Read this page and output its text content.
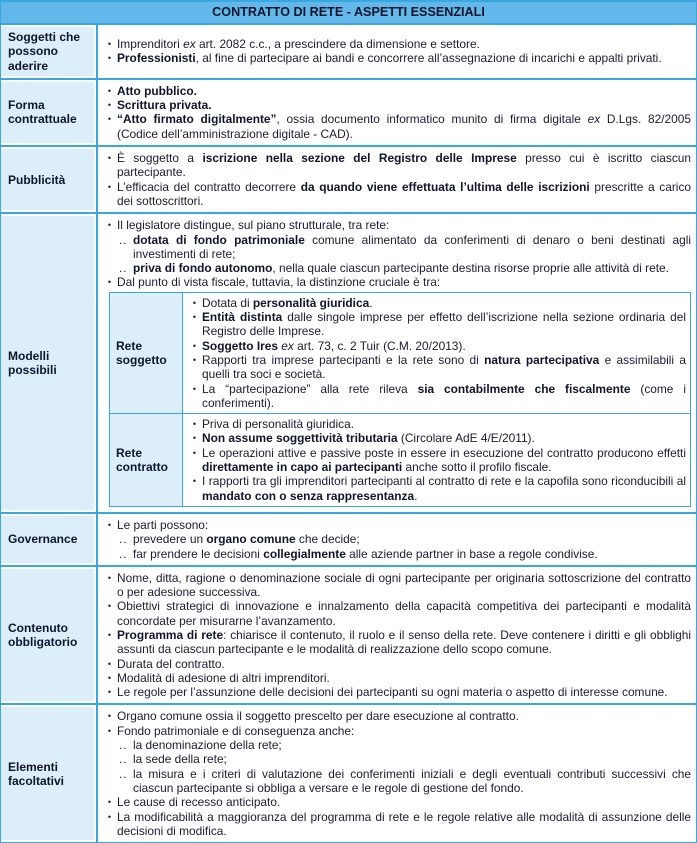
CONTRATTO DI RETE - ASPETTI ESSENZIALI
Soggetti che possono aderire
• Imprenditori ex art. 2082 c.c., a prescindere da dimensione e settore.
• Professionisti, al fine di partecipare ai bandi e concorrere all’assegnazione di incarichi e appalti privati.
Forma contrattuale
• Atto pubblico.
• Scrittura privata.
• “Atto firmato digitalmente”, ossia documento informatico munito di firma digitale ex D.Lgs. 82/2005 (Codice dell’amministrazione digitale - CAD).
Pubblicità
• È soggetto a iscrizione nella sezione del Registro delle Imprese presso cui è iscritto ciascun partecipante.
• L’efficacia del contratto decorrere da quando viene effettuata l’ultima delle iscrizioni prescritte a carico dei sottoscrittori.
Modelli possibili
• Il legislatore distingue, sul piano strutturale, tra rete:
.. dotata di fondo patrimoniale comune alimentato da conferimenti di denaro o beni destinati agli investimenti di rete;
.. priva di fondo autonomo, nella quale ciascun partecipante destina risorse proprie alle attività di rete.
• Dal punto di vista fiscale, tuttavia, la distinzione cruciale è tra:
Rete soggetto
• Dotata di personalità giuridica.
• Entità distinta dalle singole imprese per effetto dell’iscrizione nella sezione ordinaria del Registro delle Imprese.
• Soggetto Ires ex art. 73, c. 2 Tuir (C.M. 20/2013).
• Rapporti tra imprese partecipanti e la rete sono di natura partecipativa e assimilabili a quelli tra soci e società.
• La “partecipazione” alla rete rileva sia contabilmente che fiscalmente (come i conferimenti).
Rete contratto
• Priva di personalità giuridica.
• Non assume soggettività tributaria (Circolare AdE 4/E/2011).
• Le operazioni attive e passive poste in essere in esecuzione del contratto producono effetti direttamente in capo ai partecipanti anche sotto il profilo fiscale.
• I rapporti tra gli imprenditori partecipanti al contratto di rete e la capofila sono riconducibili al mandato con o senza rappresentanza.
Governance
• Le parti possono:
.. prevedere un organo comune che decide;
.. far prendere le decisioni collegialmente alle aziende partner in base a regole condivise.
Contenuto obbligatorio
• Nome, ditta, ragione o denominazione sociale di ogni partecipante per originaria sottoscrizione del contratto o per adesione successiva.
• Obiettivi strategici di innovazione e innalzamento della capacità competitiva dei partecipanti e modalità concordate per misurarne l’avanzamento.
• Programma di rete: chiarisce il contenuto, il ruolo e il senso della rete. Deve contenere i diritti e gli obblighi assunti da ciascun partecipante e le modalità di realizzazione dello scopo comune.
• Durata del contratto.
• Modalità di adesione di altri imprenditori.
• Le regole per l’assunzione delle decisioni dei partecipanti su ogni materia o aspetto di interesse comune.
Elementi facoltativi
• Organo comune ossia il soggetto prescelto per dare esecuzione al contratto.
• Fondo patrimoniale e di conseguenza anche:
.. la denominazione della rete;
.. la sede della rete;
.. la misura e i criteri di valutazione dei conferimenti iniziali e degli eventuali contributi successivi che ciascun partecipante si obbliga a versare e le regole di gestione del fondo.
• Le cause di recesso anticipato.
• La modificabilità a maggioranza del programma di rete e le regole relative alle modalità di assunzione delle decisioni di modifica.
